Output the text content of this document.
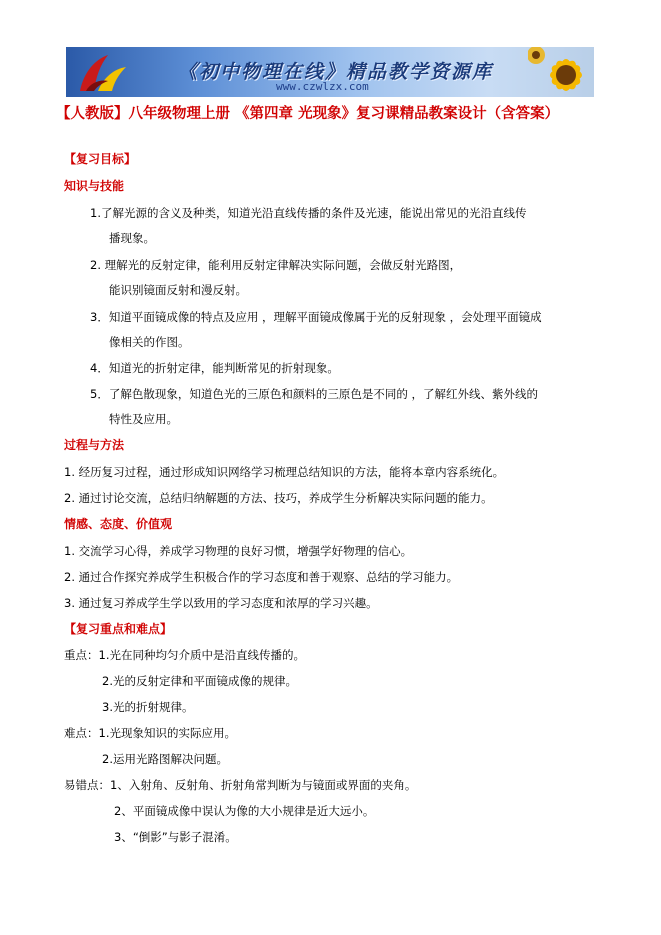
《初中物理在线》精品教学资源库
www.czwlzx.com
【人教版】八年级物理上册 《第四章 光现象》复习课精品教案设计（含答案）
【复习目标】
知识与技能
1.了解光源的含义及种类，知道光沿直线传播的条件及光速，能说出常见的光沿直线传
播现象。
2. 理解光的反射定律，能利用反射定律解决实际问题，会做反射光路图，
能识别镜面反射和漫反射。
3．知道平面镜成像的特点及应用 ，理解平面镜成像属于光的反射现象 ，会处理平面镜成
像相关的作图。
4．知道光的折射定律，能判断常见的折射现象。
5．了解色散现象，知道色光的三原色和颜料的三原色是不同的 ，了解红外线、紫外线的
特性及应用。
过程与方法
1. 经历复习过程，通过形成知识网络学习梳理总结知识的方法，能将本章内容系统化。
2. 通过讨论交流，总结归纳解题的方法、技巧，养成学生分析解决实际问题的能力。
情感、态度、价值观
1. 交流学习心得，养成学习物理的良好习惯，增强学好物理的信心。
2. 通过合作探究养成学生积极合作的学习态度和善于观察、总结的学习能力。
3. 通过复习养成学生学以致用的学习态度和浓厚的学习兴趣。
【复习重点和难点】
重点：1.光在同种均匀介质中是沿直线传播的。
2.光的反射定律和平面镜成像的规律。
3.光的折射规律。
难点：1.光现象知识的实际应用。
2.运用光路图解决问题。
易错点：1、入射角、反射角、折射角常判断为与镜面或界面的夹角。
2、平面镜成像中误认为像的大小规律是近大远小。
3、“倒影”与影子混淆。
